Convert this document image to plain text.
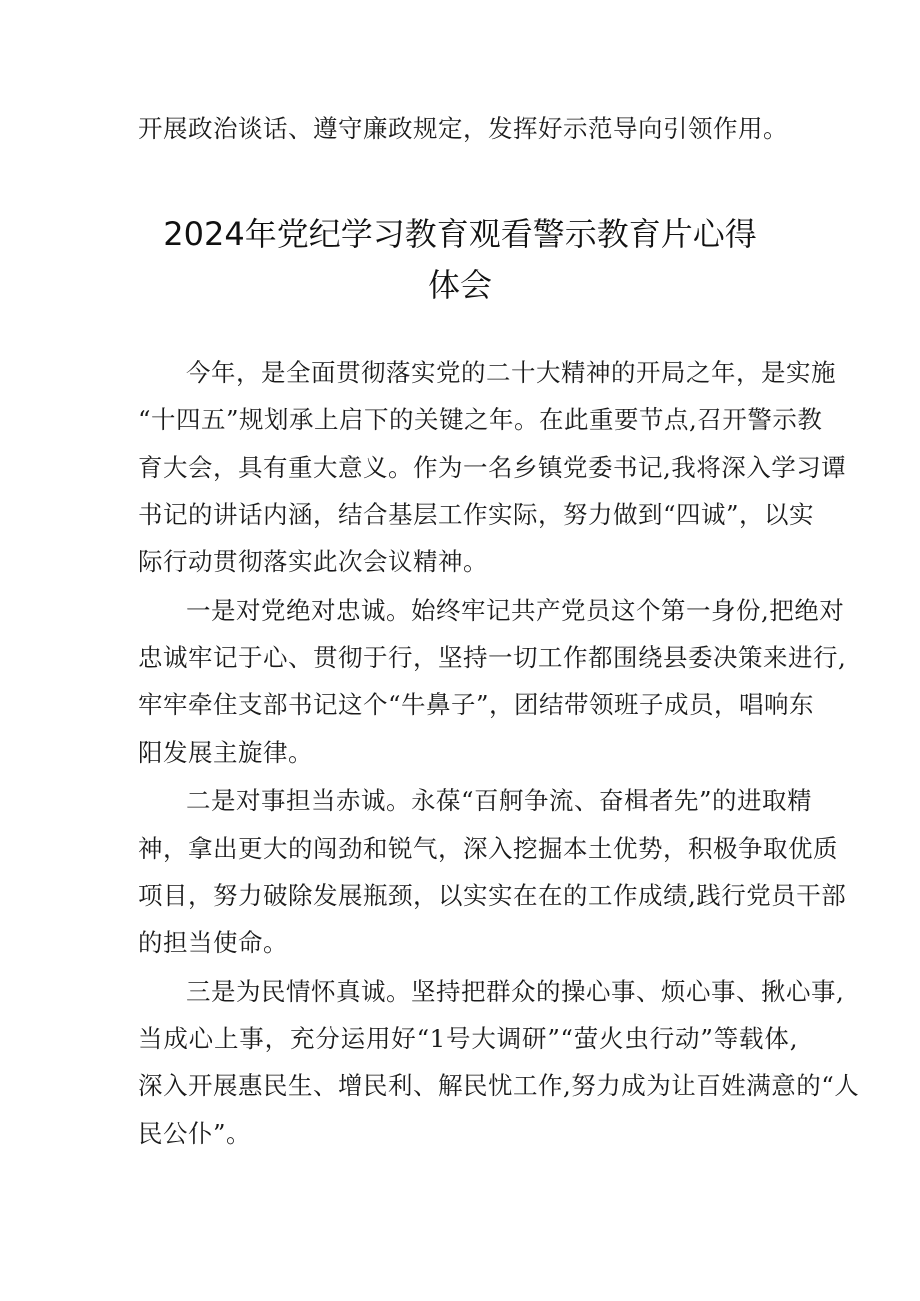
开展政治谈话、遵守廉政规定，发挥好示范导向引领作用。
2024年党纪学习教育观看警示教育片心得
体会
今年，是全面贯彻落实党的二十大精神的开局之年，是实施
“十四五”规划承上启下的关键之年。在此重要节点,召开警示教
育大会，具有重大意义。作为一名乡镇党委书记,我将深入学习谭
书记的讲话内涵，结合基层工作实际，努力做到“四诚”，以实
际行动贯彻落实此次会议精神。
一是对党绝对忠诚。始终牢记共产党员这个第一身份,把绝对
忠诚牢记于心、贯彻于行，坚持一切工作都围绕县委决策来进行,
牢牢牵住支部书记这个“牛鼻子”，团结带领班子成员，唱响东
阳发展主旋律。
二是对事担当赤诚。永葆“百舸争流、奋楫者先”的进取精
神，拿出更大的闯劲和锐气，深入挖掘本土优势，积极争取优质
项目，努力破除发展瓶颈，以实实在在的工作成绩,践行党员干部
的担当使命。
三是为民情怀真诚。坚持把群众的操心事、烦心事、揪心事,
当成心上事，充分运用好“1号大调研”“萤火虫行动”等载体,
深入开展惠民生、增民利、解民忧工作,努力成为让百姓满意的“人
民公仆”。
